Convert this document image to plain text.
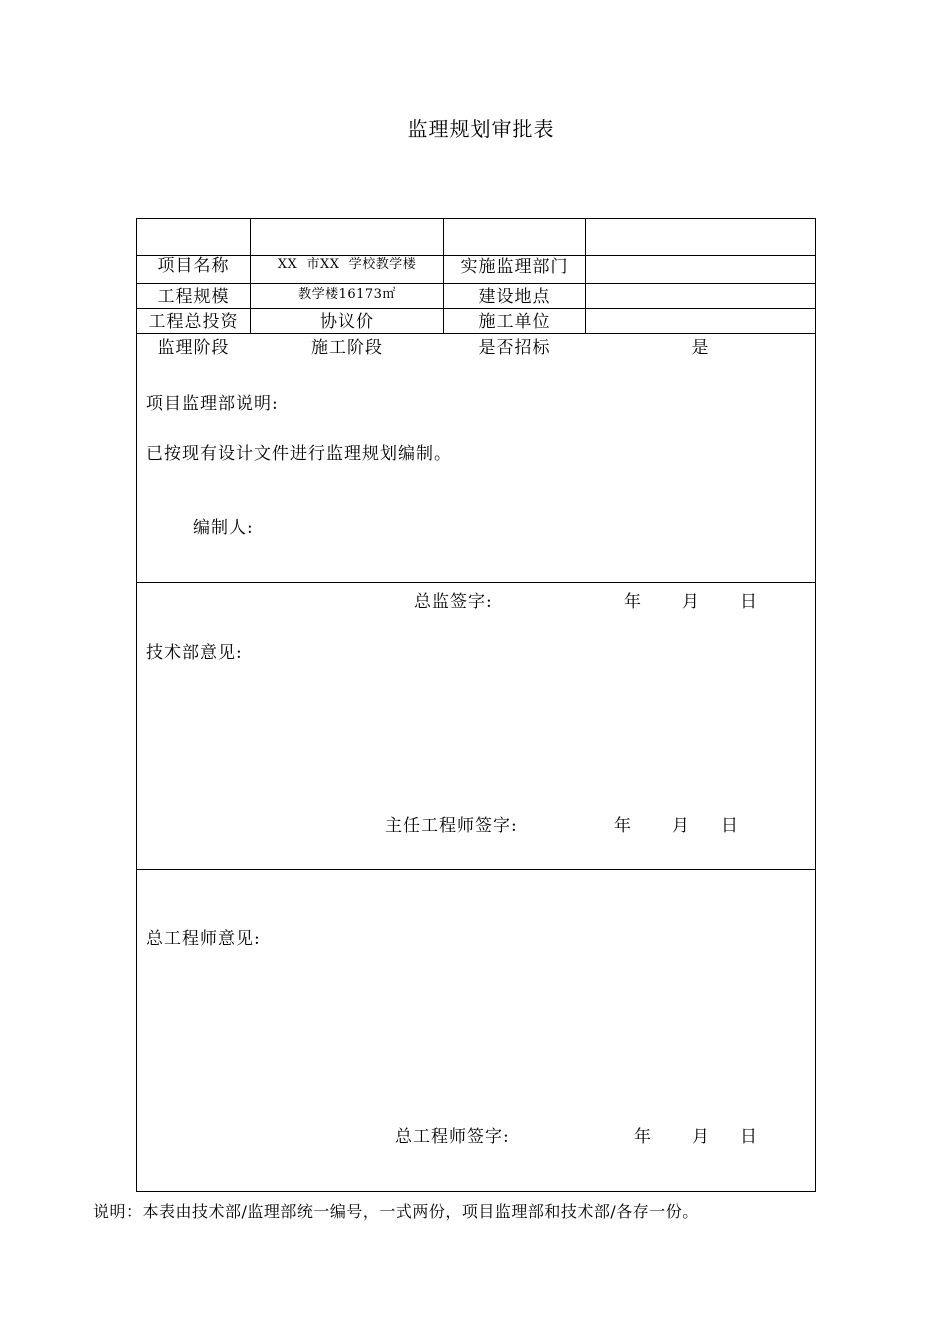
监理规划审批表
项目名称	XX  市XX  学校教学楼	实施监理部门
工程规模	教学楼16173㎡	建设地点
工程总投资	协议价	施工单位
监理阶段	施工阶段	是否招标	是
项目监理部说明:
已按现有设计文件进行监理规划编制。
编制人:
总监签字:	年 月 日
技术部意见:
主任工程师签字:	年 月 日
总工程师意见:
总工程师签字:	年 月 日
说明：本表由技术部/监理部统一编号，一式两份，项目监理部和技术部/各存一份。
